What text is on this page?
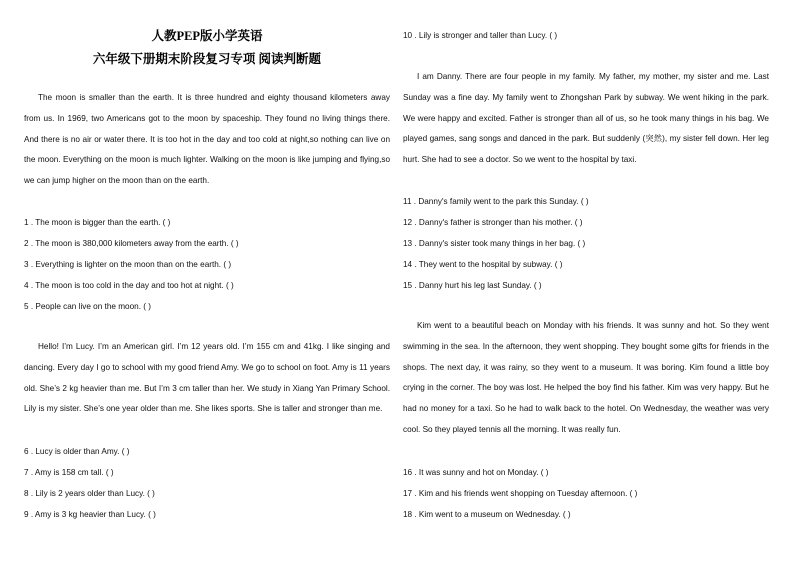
人教PEP版小学英语
六年级下册期末阶段复习专项 阅读判断题

The moon is smaller than the earth. It is three hundred and eighty thousand kilometers away from us. In 1969, two Americans got to the moon by spaceship. They found no living things there. And there is no air or water there. It is too hot in the day and too cold at night,so nothing can live on the moon. Everything on the moon is much lighter. Walking on the moon is like jumping and flying,so we can jump higher on the moon than on the earth.

1 . The moon is bigger than the earth. ( )
2 . The moon is 380,000 kilometers away from the earth. ( )
3 . Everything is lighter on the moon than on the earth. ( )
4 . The moon is too cold in the day and too hot at night. ( )
5 . People can live on the moon. ( )

Hello! I’m Lucy. I’m an American girl. I’m 12 years old. I’m 155 cm and 41kg. I like singing and dancing. Every day I go to school with my good friend Amy. We go to school on foot. Amy is 11 years old. She’s 2 kg heavier than me. But I’m 3 cm taller than her. We study in Xiang Yan Primary School. Lily is my sister. She’s one year older than me. She likes sports. She is taller and stronger than me.

6 . Lucy is older than Amy. ( )
7 . Amy is 158 cm tall. ( )
8 . Lily is 2 years older than Lucy. ( )
9 . Amy is 3 kg heavier than Lucy. ( )
10 . Lily is stronger and taller than Lucy. ( )

I am Danny. There are four people in my family. My father, my mother, my sister and me. Last Sunday was a fine day. My family went to Zhongshan Park by subway. We went hiking in the park. We were happy and excited. Father is stronger than all of us, so he took many things in his bag. We played games, sang songs and danced in the park. But suddenly (突然), my sister fell down. Her leg hurt. She had to see a doctor. So we went to the hospital by taxi.

11 . Danny's family went to the park this Sunday. ( )
12 . Danny's father is stronger than his mother. ( )
13 . Danny's sister took many things in her bag. ( )
14 . They went to the hospital by subway. ( )
15 . Danny hurt his leg last Sunday. ( )

Kim went to a beautiful beach on Monday with his friends. It was sunny and hot. So they went swimming in the sea. In the afternoon, they went shopping. They bought some gifts for friends in the shops. The next day, it was rainy, so they went to a museum. It was boring. Kim found a little boy crying in the corner. The boy was lost. He helped the boy find his father. Kim was very happy. But he had no money for a taxi. So he had to walk back to the hotel. On Wednesday, the weather was very cool. So they played tennis all the morning. It was really fun.

16 . It was sunny and hot on Monday. ( )
17 . Kim and his friends went shopping on Tuesday afternoon. ( )
18 . Kim went to a museum on Wednesday. ( )
